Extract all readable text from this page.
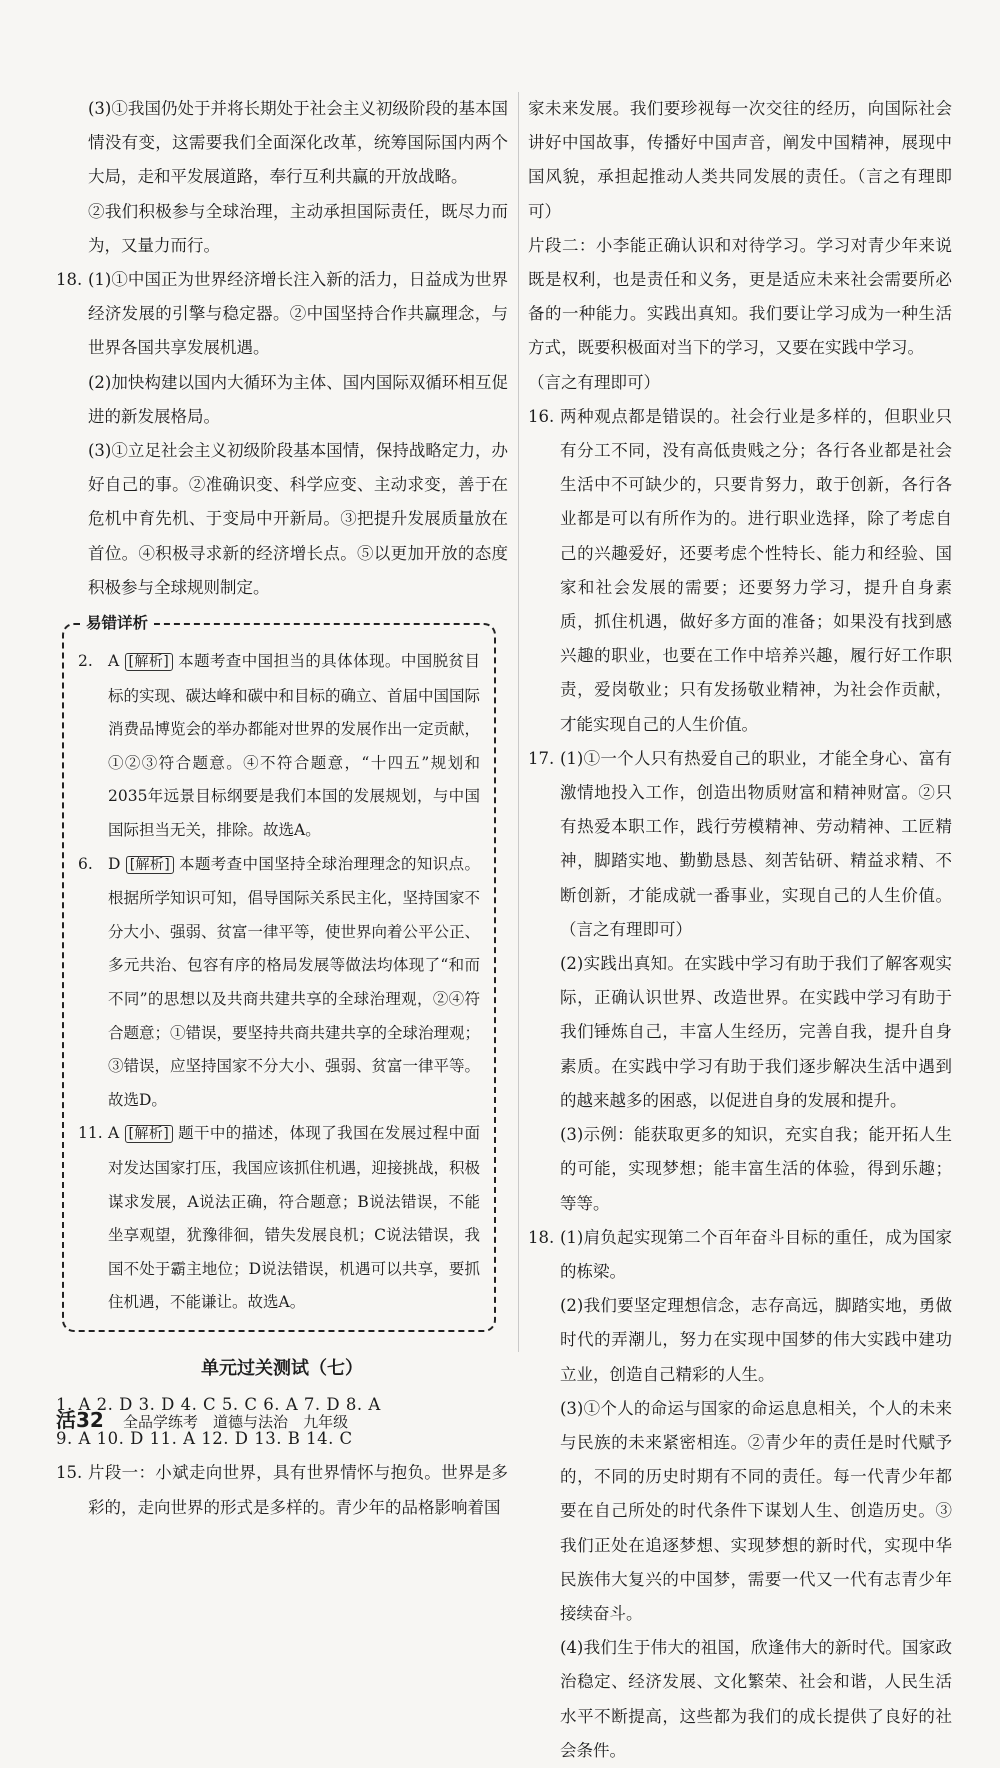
(3)①我国仍处于并将长期处于社会主义初级阶段的基本国情没有变，这需要我们全面深化改革，统筹国际国内两个大局，走和平发展道路，奉行互利共赢的开放战略。

②我们积极参与全球治理，主动承担国际责任，既尽力而为，又量力而行。

18. (1)①中国正为世界经济增长注入新的活力，日益成为世界经济发展的引擎与稳定器。②中国坚持合作共赢理念，与世界各国共享发展机遇。

(2)加快构建以国内大循环为主体、国内国际双循环相互促进的新发展格局。

(3)①立足社会主义初级阶段基本国情，保持战略定力，办好自己的事。②准确识变、科学应变、主动求变，善于在危机中育先机、于变局中开新局。③把提升发展质量放在首位。④积极寻求新的经济增长点。⑤以更加开放的态度积极参与全球规则制定。

易错详析
2. A [解析] 本题考查中国担当的具体体现。中国脱贫目标的实现、碳达峰和碳中和目标的确立、首届中国国际消费品博览会的举办都能对世界的发展作出一定贡献，①②③符合题意。④不符合题意，“十四五”规划和2035年远景目标纲要是我们本国的发展规划，与中国国际担当无关，排除。故选A。

6. D [解析] 本题考查中国坚持全球治理理念的知识点。根据所学知识可知，倡导国际关系民主化，坚持国家不分大小、强弱、贫富一律平等，使世界向着公平公正、多元共治、包容有序的格局发展等做法均体现了“和而不同”的思想以及共商共建共享的全球治理观，②④符合题意；①错误，要坚持共商共建共享的全球治理观；③错误，应坚持国家不分大小、强弱、贫富一律平等。故选D。

11. A [解析] 题干中的描述，体现了我国在发展过程中面对发达国家打压，我国应该抓住机遇，迎接挑战，积极谋求发展，A说法正确，符合题意；B说法错误，不能坐享观望，犹豫徘徊，错失发展良机；C说法错误，我国不处于霸主地位；D说法错误，机遇可以共享，要抓住机遇，不能谦让。故选A。

单元过关测试（七）

1. A 2. D 3. D 4. C 5. C 6. A 7. D 8. A

9. A 10. D 11. A 12. D 13. B 14. C

15. 片段一：小斌走向世界，具有世界情怀与抱负。世界是多彩的，走向世界的形式是多样的。青少年的品格影响着国

家未来发展。我们要珍视每一次交往的经历，向国际社会讲好中国故事，传播好中国声音，阐发中国精神，展现中国风貌，承担起推动人类共同发展的责任。（言之有理即可）

片段二：小李能正确认识和对待学习。学习对青少年来说既是权利，也是责任和义务，更是适应未来社会需要所必备的一种能力。实践出真知。我们要让学习成为一种生活方式，既要积极面对当下的学习，又要在实践中学习。

（言之有理即可）

16. 两种观点都是错误的。社会行业是多样的，但职业只有分工不同，没有高低贵贱之分；各行各业都是社会生活中不可缺少的，只要肯努力，敢于创新，各行各业都是可以有所作为的。进行职业选择，除了考虑自己的兴趣爱好，还要考虑个性特长、能力和经验、国家和社会发展的需要；还要努力学习，提升自身素质，抓住机遇，做好多方面的准备；如果没有找到感兴趣的职业，也要在工作中培养兴趣，履行好工作职责，爱岗敬业；只有发扬敬业精神，为社会作贡献，才能实现自己的人生价值。

17. (1)①一个人只有热爱自己的职业，才能全身心、富有激情地投入工作，创造出物质财富和精神财富。②只有热爱本职工作，践行劳模精神、劳动精神、工匠精神，脚踏实地、勤勤恳恳、刻苦钻研、精益求精、不断创新，才能成就一番事业，实现自己的人生价值。（言之有理即可）

(2)实践出真知。在实践中学习有助于我们了解客观实际，正确认识世界、改造世界。在实践中学习有助于我们锤炼自己，丰富人生经历，完善自我，提升自身素质。在实践中学习有助于我们逐步解决生活中遇到的越来越多的困惑，以促进自身的发展和提升。

(3)示例：能获取更多的知识，充实自我；能开拓人生的可能，实现梦想；能丰富生活的体验，得到乐趣；等等。

18. (1)肩负起实现第二个百年奋斗目标的重任，成为国家的栋梁。

(2)我们要坚定理想信念，志存高远，脚踏实地，勇做时代的弄潮儿，努力在实现中国梦的伟大实践中建功立业，创造自己精彩的人生。

(3)①个人的命运与国家的命运息息相关，个人的未来与民族的未来紧密相连。②青少年的责任是时代赋予的，不同的历史时期有不同的责任。每一代青少年都要在自己所处的时代条件下谋划人生、创造历史。③我们正处在追逐梦想、实现梦想的新时代，实现中华民族伟大复兴的中国梦，需要一代又一代有志青少年接续奋斗。

(4)我们生于伟大的祖国，欣逢伟大的新时代。国家政治稳定、经济发展、文化繁荣、社会和谐，人民生活水平不断提高，这些都为我们的成长提供了良好的社会条件。

活32 全品学练考 道德与法治 九年级
